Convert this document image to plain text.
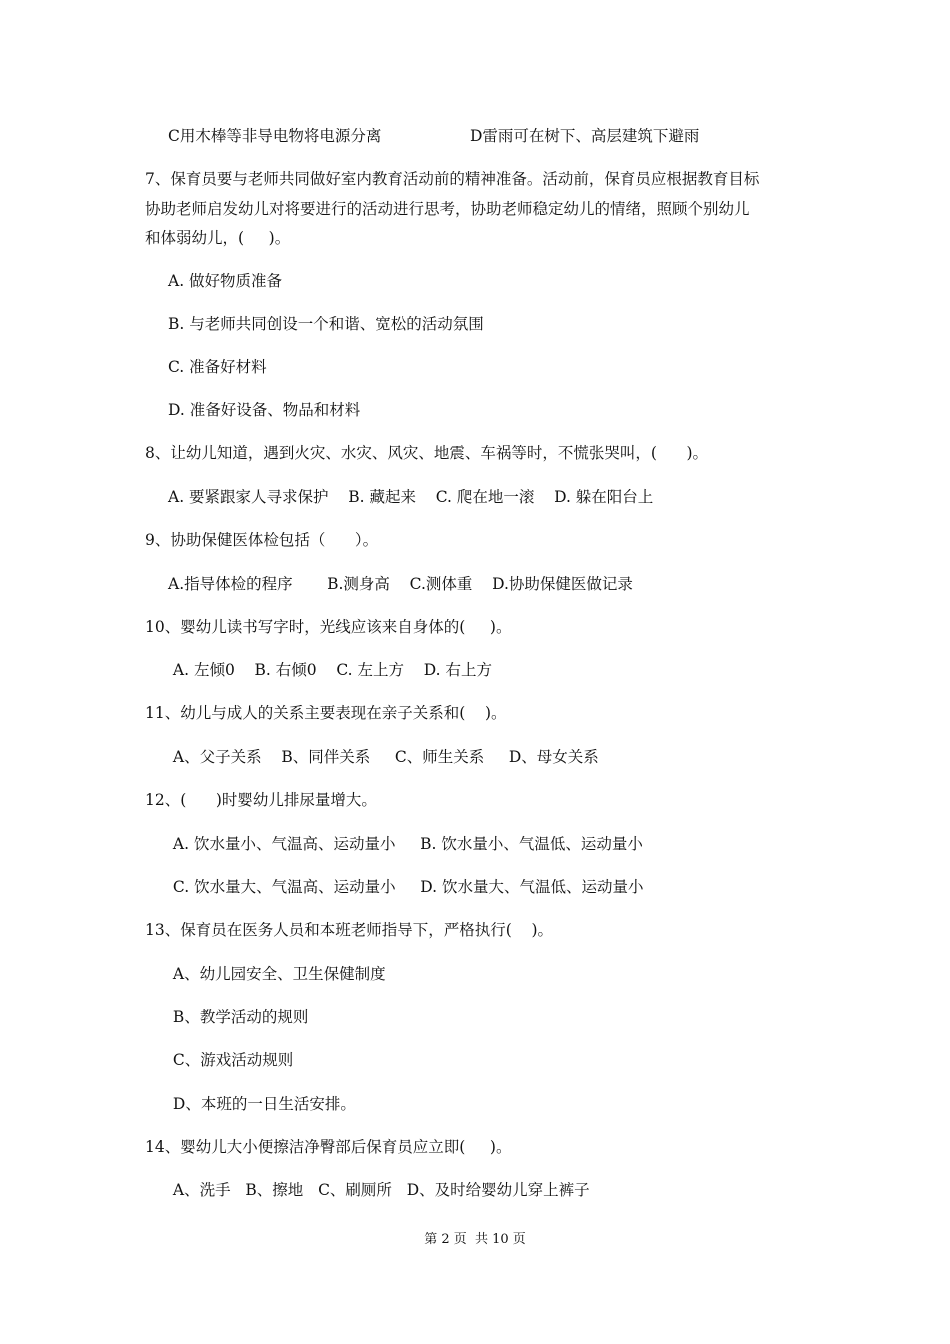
C用木棒等非导电物将电源分离	D雷雨可在树下、高层建筑下避雨
7、保育员要与老师共同做好室内教育活动前的精神准备。活动前，保育员应根据教育目标
协助老师启发幼儿对将要进行的活动进行思考，协助老师稳定幼儿的情绪，照顾个别幼儿
和体弱幼儿，(     )。
A. 做好物质准备
B. 与老师共同创设一个和谐、宽松的活动氛围
C. 准备好材料
D. 准备好设备、物品和材料
8、让幼儿知道，遇到火灾、水灾、风灾、地震、车祸等时，不慌张哭叫，(      )。
A. 要紧跟家人寻求保护    B. 藏起来    C. 爬在地一滚    D. 躲在阳台上
9、协助保健医体检包括（      ）。
A.指导体检的程序       B.测身高    C.测体重    D.协助保健医做记录
10、婴幼儿读书写字时，光线应该来自身体的(     )。
A. 左倾0    B. 右倾0    C. 左上方    D. 右上方
11、幼儿与成人的关系主要表现在亲子关系和(    )。
A、父子关系    B、同伴关系     C、师生关系     D、母女关系
12、(      )时婴幼儿排尿量增大。
A. 饮水量小、气温高、运动量小     B. 饮水量小、气温低、运动量小
C. 饮水量大、气温高、运动量小     D. 饮水量大、气温低、运动量小
13、保育员在医务人员和本班老师指导下，严格执行(    )。
A、幼儿园安全、卫生保健制度
B、教学活动的规则
C、游戏活动规则
D、本班的一日生活安排。
14、婴幼儿大小便擦洁净臀部后保育员应立即(     )。
A、洗手   B、擦地   C、刷厕所   D、及时给婴幼儿穿上裤子
第 2 页  共 10 页
